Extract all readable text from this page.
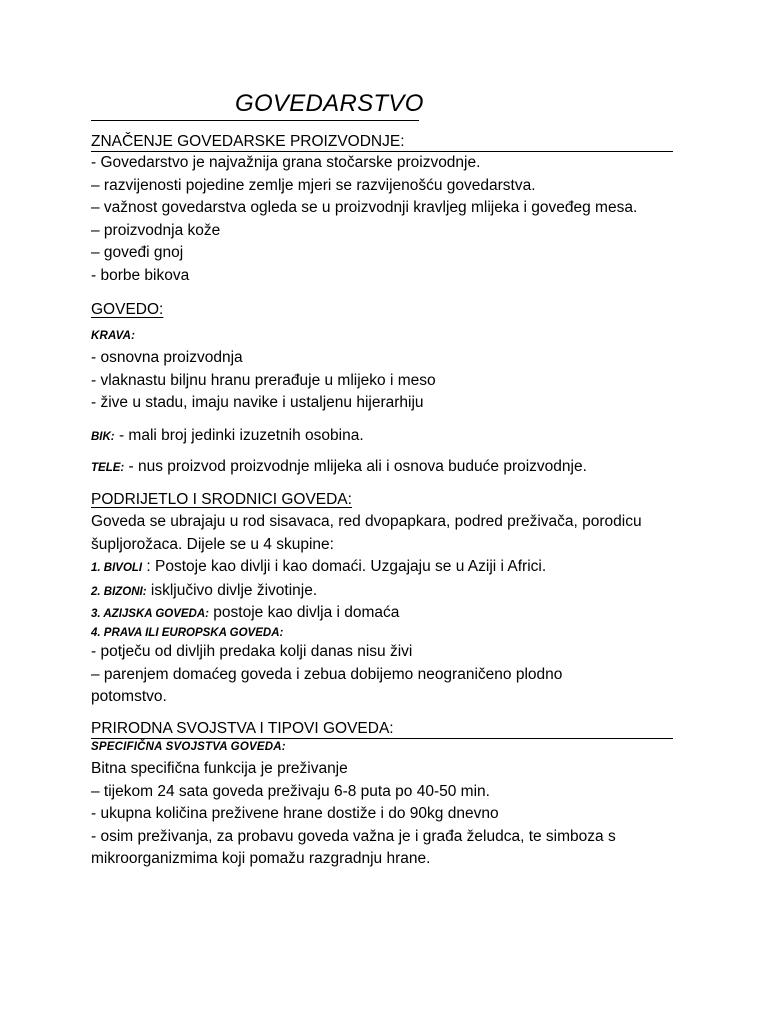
GOVEDARSTVO
ZNAČENJE GOVEDARSKE PROIZVODNJE:
- Govedarstvo je najvažnija grana stočarske proizvodnje.
– razvijenosti pojedine zemlje mjeri se razvijenošću govedarstva.
– važnost govedarstva ogleda se u proizvodnji kravljeg mlijeka i goveđeg mesa.
– proizvodnja kože
– goveđi gnoj
- borbe bikova
GOVEDO:
KRAVA:
- osnovna proizvodnja
- vlaknastu biljnu hranu prerađuje u mlijeko i meso
- žive u stadu, imaju navike i ustaljenu hijerarhiju
BIK: - mali broj jedinki izuzetnih osobina.
TELE: - nus proizvod proizvodnje mlijeka ali i osnova buduće proizvodnje.
PODRIJETLO I SRODNICI GOVEDA:
Goveda se ubrajaju u rod sisavaca, red dvopapkara, podred preživača, porodicu
šupljorožaca. Dijele se u 4 skupine:
1. BIVOLI : Postoje kao divlji i kao domaći. Uzgajaju se u Aziji i Africi.
2. BIZONI: isključivo divlje životinje.
3. AZIJSKA GOVEDA: postoje kao divlja i domaća
4. PRAVA ILI EUROPSKA GOVEDA:
- potječu od divljih predaka kolji danas nisu živi
– parenjem domaćeg goveda i zebua dobijemo neograničeno plodno
potomstvo.
PRIRODNA SVOJSTVA I TIPOVI GOVEDA:
SPECIFIČNA SVOJSTVA GOVEDA:
Bitna specifična funkcija je preživanje
– tijekom 24 sata goveda preživaju 6-8 puta po 40-50 min.
- ukupna količina preživene hrane dostiže i do 90kg dnevno
- osim preživanja, za probavu goveda važna je i građa želudca, te simboza s
mikroorganizmima koji pomažu razgradnju hrane.
